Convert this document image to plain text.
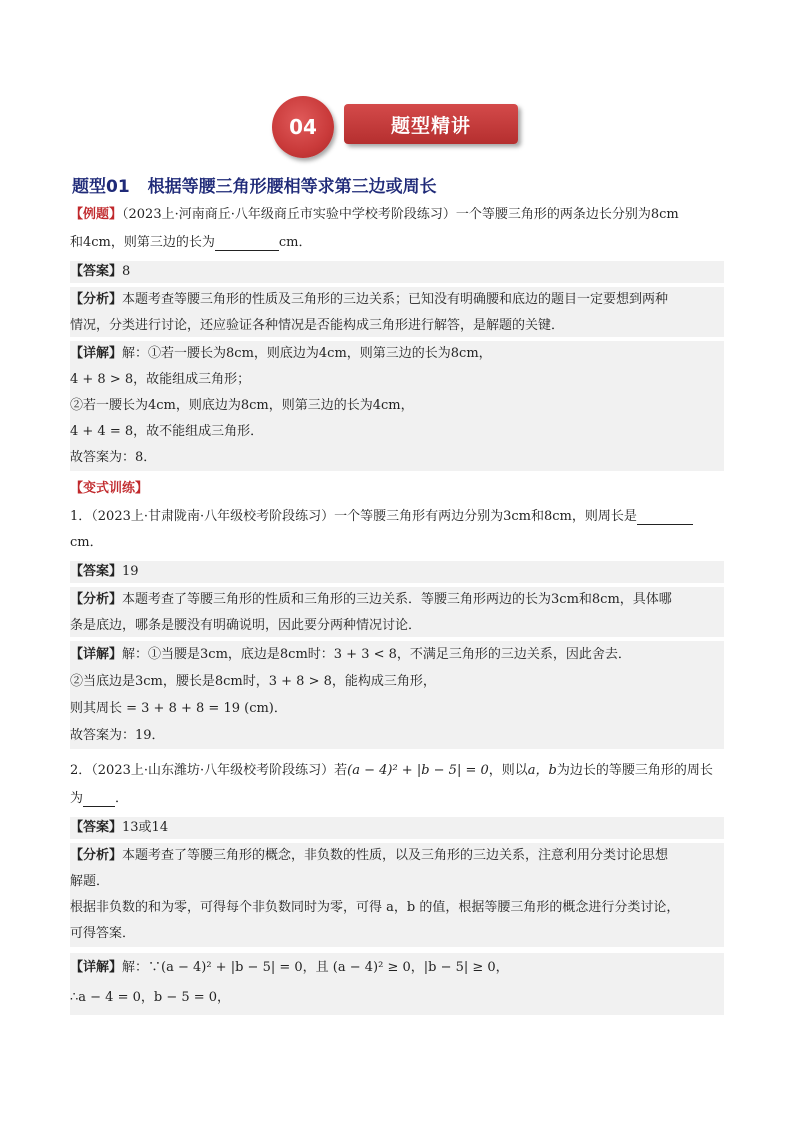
04	题型精讲
题型01 根据等腰三角形腰相等求第三边或周长
【例题】（2023上·河南商丘·八年级商丘市实验中学校考阶段练习）一个等腰三角形的两条边长分别为8cm
和4cm，则第三边的长为	cm．
【答案】8
【分析】本题考查等腰三角形的性质及三角形的三边关系；已知没有明确腰和底边的题目一定要想到两种
情况，分类进行讨论，还应验证各种情况是否能构成三角形进行解答，是解题的关键．
【详解】解：①若一腰长为8cm，则底边为4cm，则第三边的长为8cm，
4 + 8 > 8，故能组成三角形；
②若一腰长为4cm，则底边为8cm，则第三边的长为4cm，
4 + 4 = 8，故不能组成三角形．
故答案为：8．
【变式训练】
1．（2023上·甘肃陇南·八年级校考阶段练习）一个等腰三角形有两边分别为3cm和8cm，则周长是
cm．
【答案】19
【分析】本题考查了等腰三角形的性质和三角形的三边关系．等腰三角形两边的长为3cm和8cm，具体哪
条是底边，哪条是腰没有明确说明，因此要分两种情况讨论．
【详解】解：①当腰是3cm，底边是8cm时：3 + 3 < 8，不满足三角形的三边关系，因此舍去．
②当底边是3cm，腰长是8cm时，3 + 8 > 8，能构成三角形，
则其周长 = 3 + 8 + 8 = 19 (cm)．
故答案为：19．
2．（2023上·山东潍坊·八年级校考阶段练习）若(a − 4)² + |b − 5| = 0，则以a，b为边长的等腰三角形的周长
为 ．
【答案】13或14
【分析】本题考查了等腰三角形的概念，非负数的性质，以及三角形的三边关系，注意利用分类讨论思想
解题．
根据非负数的和为零，可得每个非负数同时为零，可得 a，b 的值，根据等腰三角形的概念进行分类讨论，
可得答案．
【详解】解：∵(a − 4)² + |b − 5| = 0，且 (a − 4)² ≥ 0，|b − 5| ≥ 0，
∴a − 4 = 0，b − 5 = 0，
